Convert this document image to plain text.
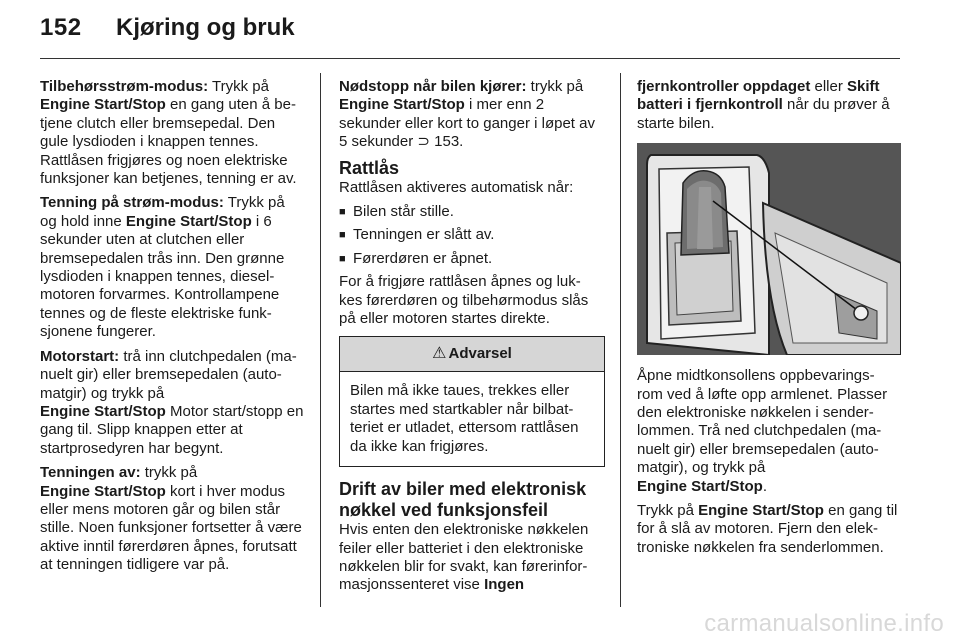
152 Kjøring og bruk

Tilbehørsstrøm-modus: Trykk på
Engine Start/Stop en gang uten å be- tjene clutch eller bremsepedal. Den gule lysdioden i knappen tennes. Rattlåsen frigjøres og noen elektriske funksjoner kan betjenes, tenning er av.

Tenning på strøm-modus: Trykk på og hold inne Engine Start/Stop i 6 sekunder uten at clutchen eller bremsepedalen trås inn. Den grønne lysdioden i knappen tennes, diesel- motoren forvarmes. Kontrollampene tennes og de fleste elektriske funk- sjonene fungerer.

Motorstart: trå inn clutchpedalen (ma- nuelt gir) eller bremsepedalen (auto- matgir) og trykk på
Engine Start/Stop Motor start/stopp en gang til. Slipp knappen etter at startprosedyren har begynt.

Tenningen av: trykk på
Engine Start/Stop kort i hver modus eller mens motoren går og bilen står stille. Noen funksjoner fortsetter å være aktive inntil førerdøren åpnes, forutsatt at tenningen tidligere var på.

Nødstopp når bilen kjører: trykk på
Engine Start/Stop i mer enn 2 sekunder eller kort to ganger i løpet av 5 sekunder ⊃ 153.

Rattlås

Rattlåsen aktiveres automatisk når:

■ Bilen står stille.
■ Tenningen er slått av.
■ Førerdøren er åpnet.

For å frigjøre rattlåsen åpnes og luk- kes førerdøren og tilbehørmodus slås på eller motoren startes direkte.

⚠ Advarsel
Bilen må ikke taues, trekkes eller startes med startkabler når bilbat- teriet er utladet, ettersom rattlåsen da ikke kan frigjøres.
Drift av biler med elektronisk nøkkel ved funksjonsfeil

Hvis enten den elektroniske nøkkelen feiler eller batteriet i den elektroniske nøkkelen blir for svakt, kan førerinfor- masjonssenteret vise Ingen

fjernkontroller oppdaget eller Skift batteri i fjernkontroll når du prøver å starte bilen.

Åpne midtkonsollens oppbevarings- rom ved å løfte opp armlenet. Plasser den elektroniske nøkkelen i sender- lommen. Trå ned clutchpedalen (ma- nuelt gir) eller bremsepedalen (auto- matgir), og trykk på
Engine Start/Stop.

Trykk på Engine Start/Stop en gang til for å slå av motoren. Fjern den elek- troniske nøkkelen fra senderlommen.

carmanualsonline.info
